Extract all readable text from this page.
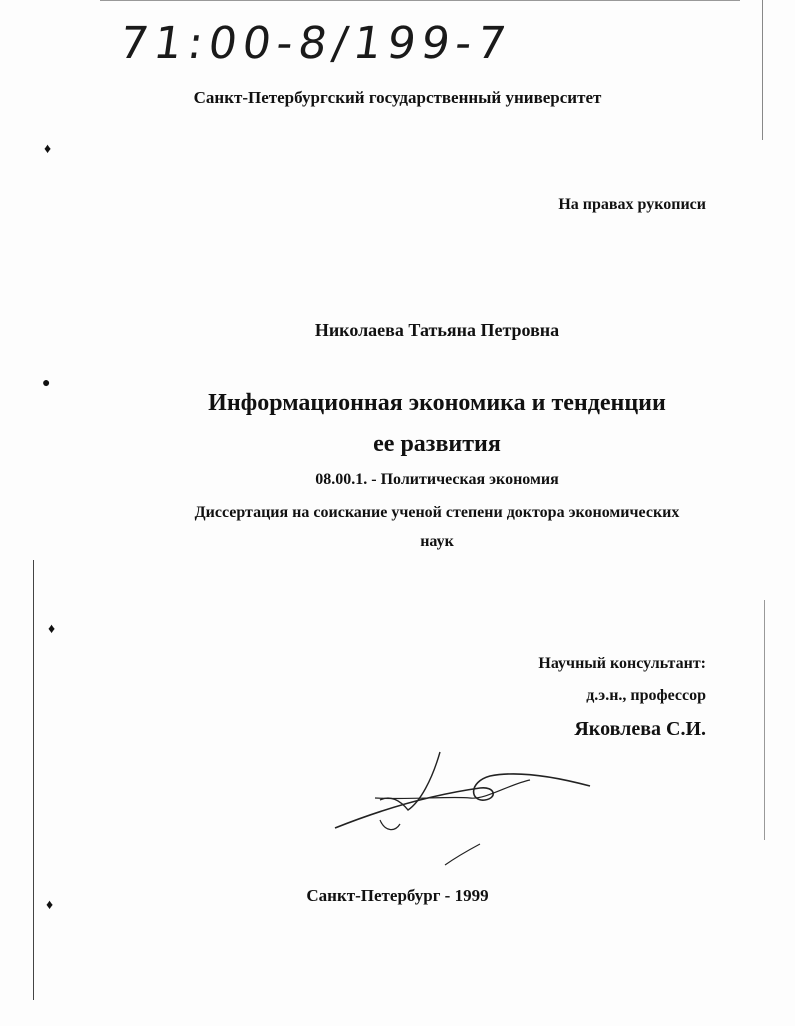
71:00-8/199-7
Санкт-Петербургский государственный университет
На правах рукописи
Николаева Татьяна Петровна
Информационная экономика и тенденции
ее развития
08.00.1. - Политическая экономия
Диссертация на соискание ученой степени доктора экономических
наук
Научный консультант:
д.э.н., профессор
Яковлева С.И.
Санкт-Петербург - 1999
♦
●
♦
♦
